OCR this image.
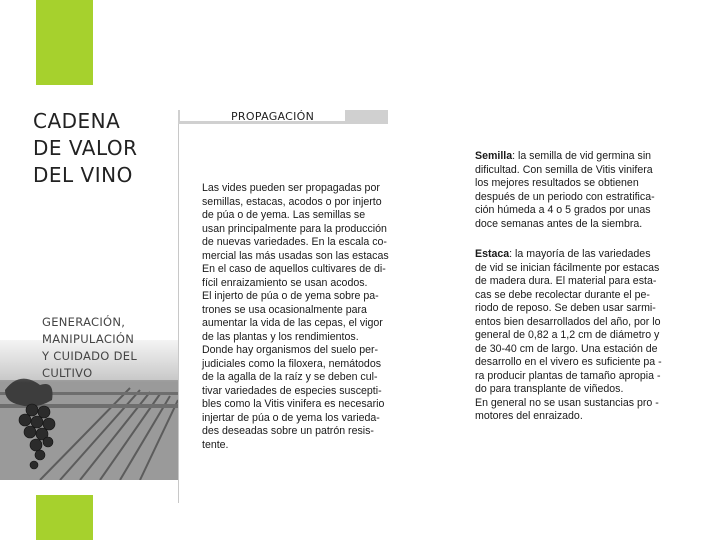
CADENA
DE VALOR
DEL VINO
GENERACIÓN,
MANIPULACIÓN
Y CUIDADO DEL
CULTIVO
PROPAGACIÓN
Las vides pueden ser propagadas por
semillas, estacas, acodos o por injerto
de púa o de yema. Las semillas se
usan principalmente para la producción
de nuevas variedades. En la escala co-
mercial las más usadas son las estacas
En el caso de aquellos cultivares de di-
fícil enraizamiento se usan acodos.
El injerto de púa o de yema sobre pa-
trones se usa ocasionalmente para
aumentar la vida de las cepas, el vigor
de las plantas y los rendimientos.
Donde hay organismos del suelo per-
judiciales como la filoxera, nemátodos
de la agalla de la raíz y se deben cul-
tivar variedades de especies suscepti-
bles como la Vitis vinifera es necesario
injertar de púa o de yema los varieda-
des deseadas sobre un patrón resis-
tente.
Semilla: la semilla de vid germina sin
dificultad. Con semilla de Vitis vinifera
los mejores resultados se obtienen
después de un periodo con estratifica-
ción húmeda a 4 o 5 grados por unas
doce semanas antes de la siembra.
Estaca: la mayoría de las variedades
de vid se inician fácilmente por estacas
de madera dura. El material para esta-
cas se debe recolectar durante el pe-
riodo de reposo. Se deben usar sarmi-
entos bien desarrollados del año, por lo
general de 0,82 a 1,2 cm de diámetro y
de 30-40 cm de largo. Una estación de
desarrollo en el vivero es suficiente pa -
ra producir plantas de tamaño apropia -
do para transplante de viñedos.
En general no se usan sustancias pro -
motores del enraizado.
